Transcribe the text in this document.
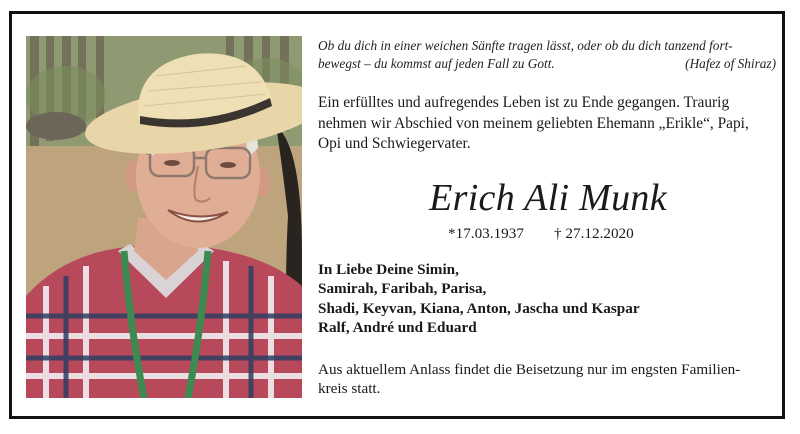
Ob du dich in einer weichen Sänfte tragen lässt, oder ob du dich tanzend fort-
bewegst – du kommst auf jeden Fall zu Gott.	(Hafez of Shiraz)
Ein erfülltes und aufregendes Leben ist zu Ende gegangen. Traurig
nehmen wir Abschied von meinem geliebten Ehemann „Erikle“, Papi,
Opi und Schwiegervater.
Erich Ali Munk
*17.03.1937 † 27.12.2020
In Liebe Deine Simin,
Samirah, Faribah, Parisa,
Shadi, Keyvan, Kiana, Anton, Jascha und Kaspar
Ralf, André und Eduard
Aus aktuellem Anlass findet die Beisetzung nur im engsten Familien-
kreis statt.
